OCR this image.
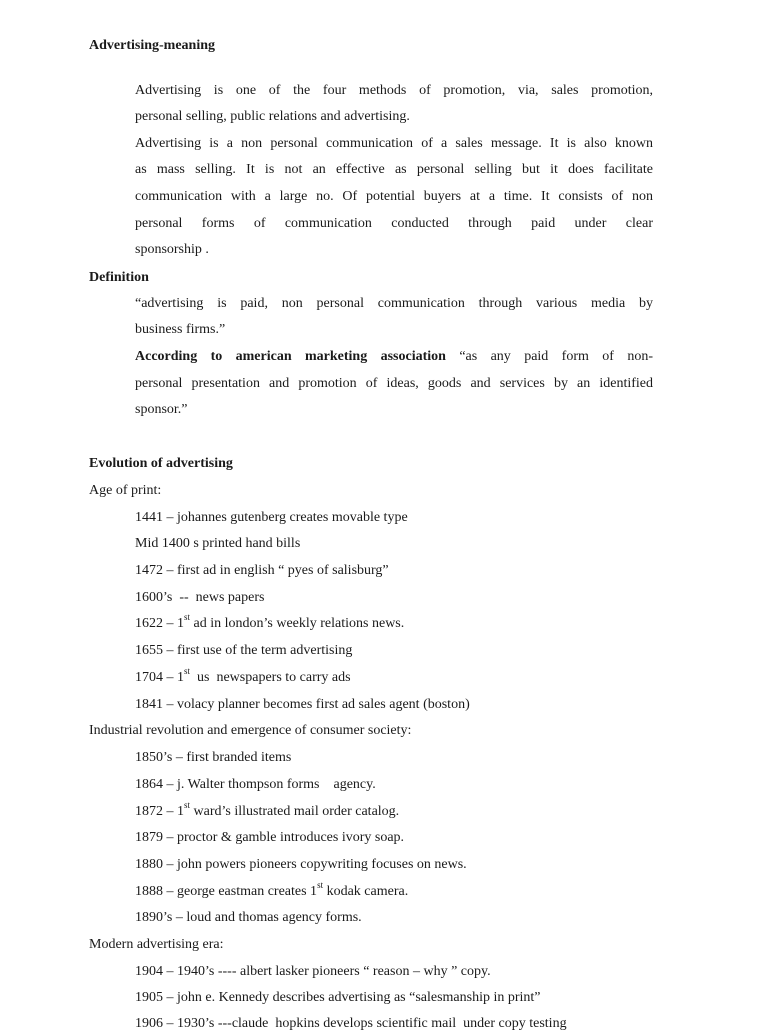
Advertising-meaning
Advertising is one of the four methods of promotion, via, sales promotion,
personal selling, public relations and advertising.
Advertising is a non personal communication of a sales message. It is also known
as mass selling. It is not an effective as personal selling but it does facilitate
communication with a large no. Of potential buyers at a time. It consists of non
personal forms of communication conducted through paid under clear
sponsorship .
Definition
“advertising is paid, non personal communication through various media by
business firms.”
According to american marketing association “as any paid form of non-
personal presentation and promotion of ideas, goods and services by an identified
sponsor.”
Evolution of advertising
Age of print:
1441 – johannes gutenberg creates movable type
Mid 1400 s printed hand bills
1472 – first ad in english “ pyes of salisburg”
1600’s  --  news papers
1622 – 1st ad in london’s weekly relations news.
1655 – first use of the term advertising
1704 – 1st  us  newspapers to carry ads
1841 – volacy planner becomes first ad sales agent (boston)
Industrial revolution and emergence of consumer society:
1850’s – first branded items
1864 – j. Walter thompson forms    agency.
1872 – 1st ward’s illustrated mail order catalog.
1879 – proctor & gamble introduces ivory soap.
1880 – john powers pioneers copywriting focuses on news.
1888 – george eastman creates 1st kodak camera.
1890’s – loud and thomas agency forms.
Modern advertising era:
1904 – 1940’s ---- albert lasker pioneers “ reason – why ” copy.
1905 – john e. Kennedy describes advertising as “salesmanship in print”
1906 – 1930’s ---claude  hopkins develops scientific mail  under copy testing
